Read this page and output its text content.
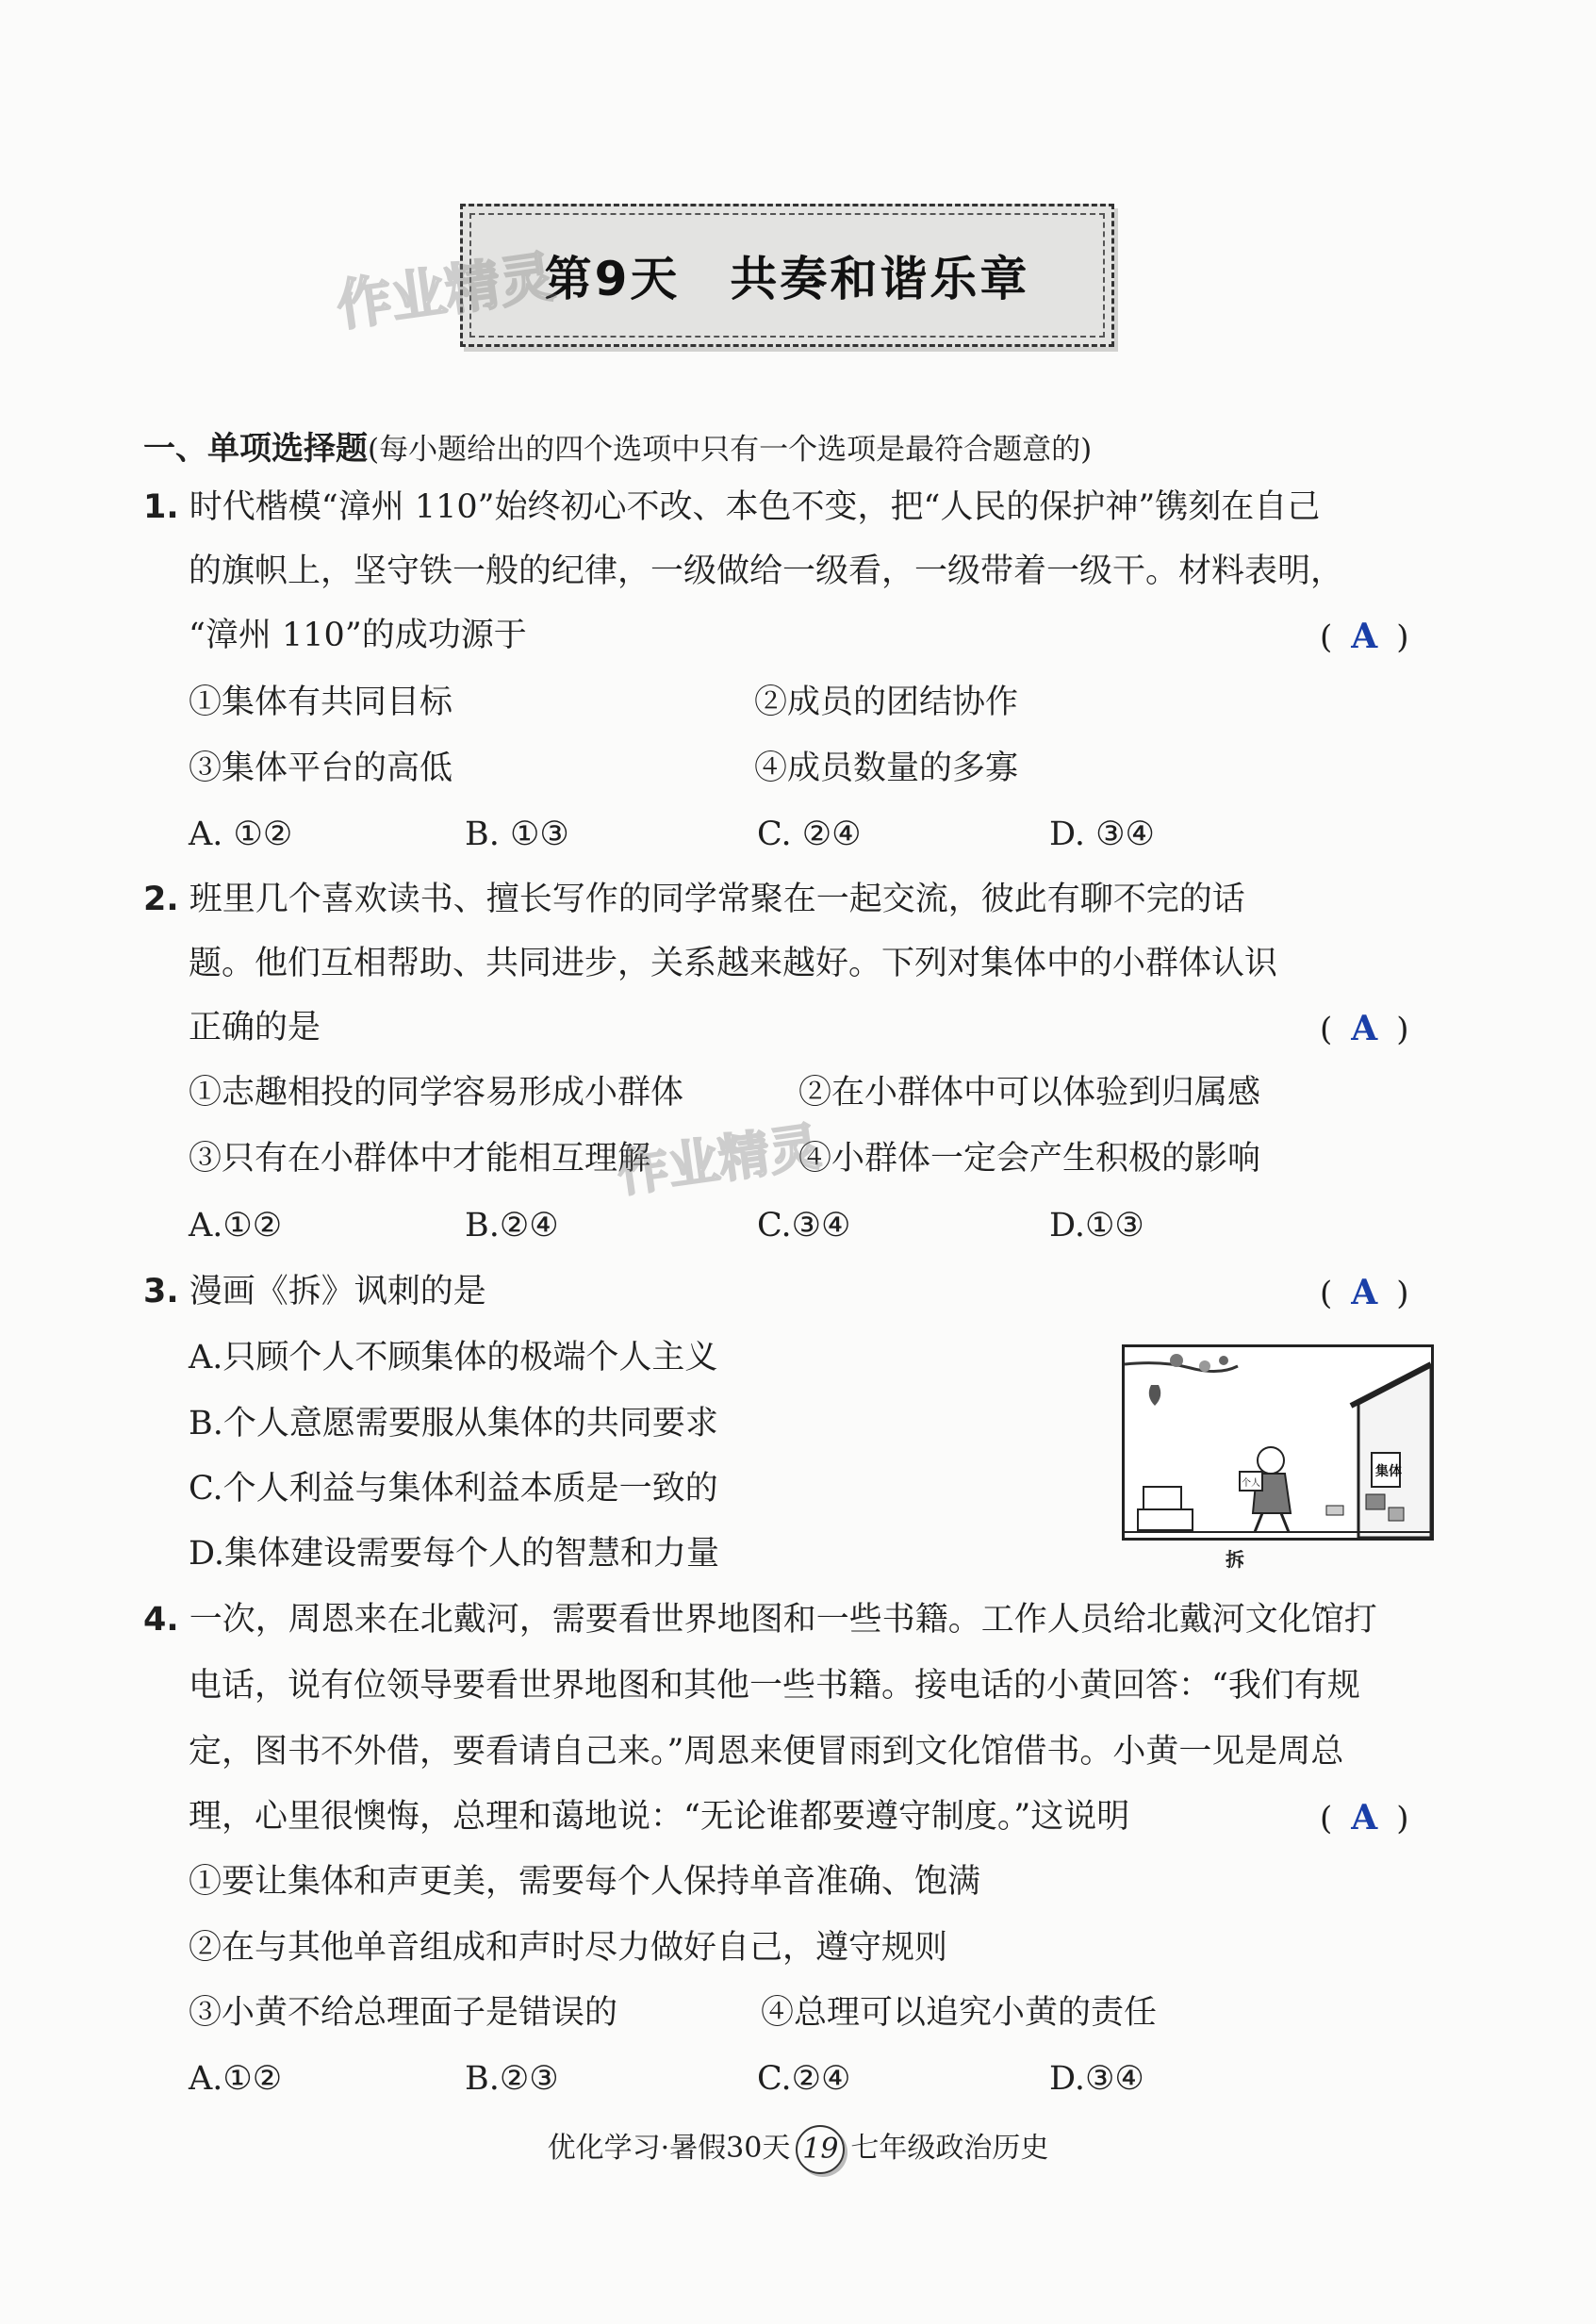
第9天　共奏和谐乐章
作业精灵
作业精灵
一、单项选择题(每小题给出的四个选项中只有一个选项是最符合题意的)
1. 时代楷模“漳州 110”始终初心不改、本色不变，把“人民的保护神”镌刻在自己
的旗帜上，坚守铁一般的纪律，一级做给一级看，一级带着一级干。材料表明，
“漳州 110”的成功源于	( A )
①集体有共同目标	②成员的团结协作
③集体平台的高低	④成员数量的多寡
A. ①②	B. ①③	C. ②④	D. ③④
2. 班里几个喜欢读书、擅长写作的同学常聚在一起交流，彼此有聊不完的话
题。他们互相帮助、共同进步，关系越来越好。下列对集体中的小群体认识
正确的是	( A )
①志趣相投的同学容易形成小群体	②在小群体中可以体验到归属感
③只有在小群体中才能相互理解	④小群体一定会产生积极的影响
A.①②	B.②④	C.③④	D.①③
3. 漫画《拆》讽刺的是	( A )
A.只顾个人不顾集体的极端个人主义
B.个人意愿需要服从集体的共同要求
C.个人利益与集体利益本质是一致的
D.集体建设需要每个人的智慧和力量
集体
个人
拆
4. 一次，周恩来在北戴河，需要看世界地图和一些书籍。工作人员给北戴河文化馆打
电话，说有位领导要看世界地图和其他一些书籍。接电话的小黄回答：“我们有规
定，图书不外借，要看请自己来。”周恩来便冒雨到文化馆借书。小黄一见是周总
理，心里很懊悔，总理和蔼地说：“无论谁都要遵守制度。”这说明	( A )
①要让集体和声更美，需要每个人保持单音准确、饱满
②在与其他单音组成和声时尽力做好自己，遵守规则
③小黄不给总理面子是错误的	④总理可以追究小黄的责任
A.①②	B.②③	C.②④	D.③④
优化学习·暑假30天 19 七年级政治历史
